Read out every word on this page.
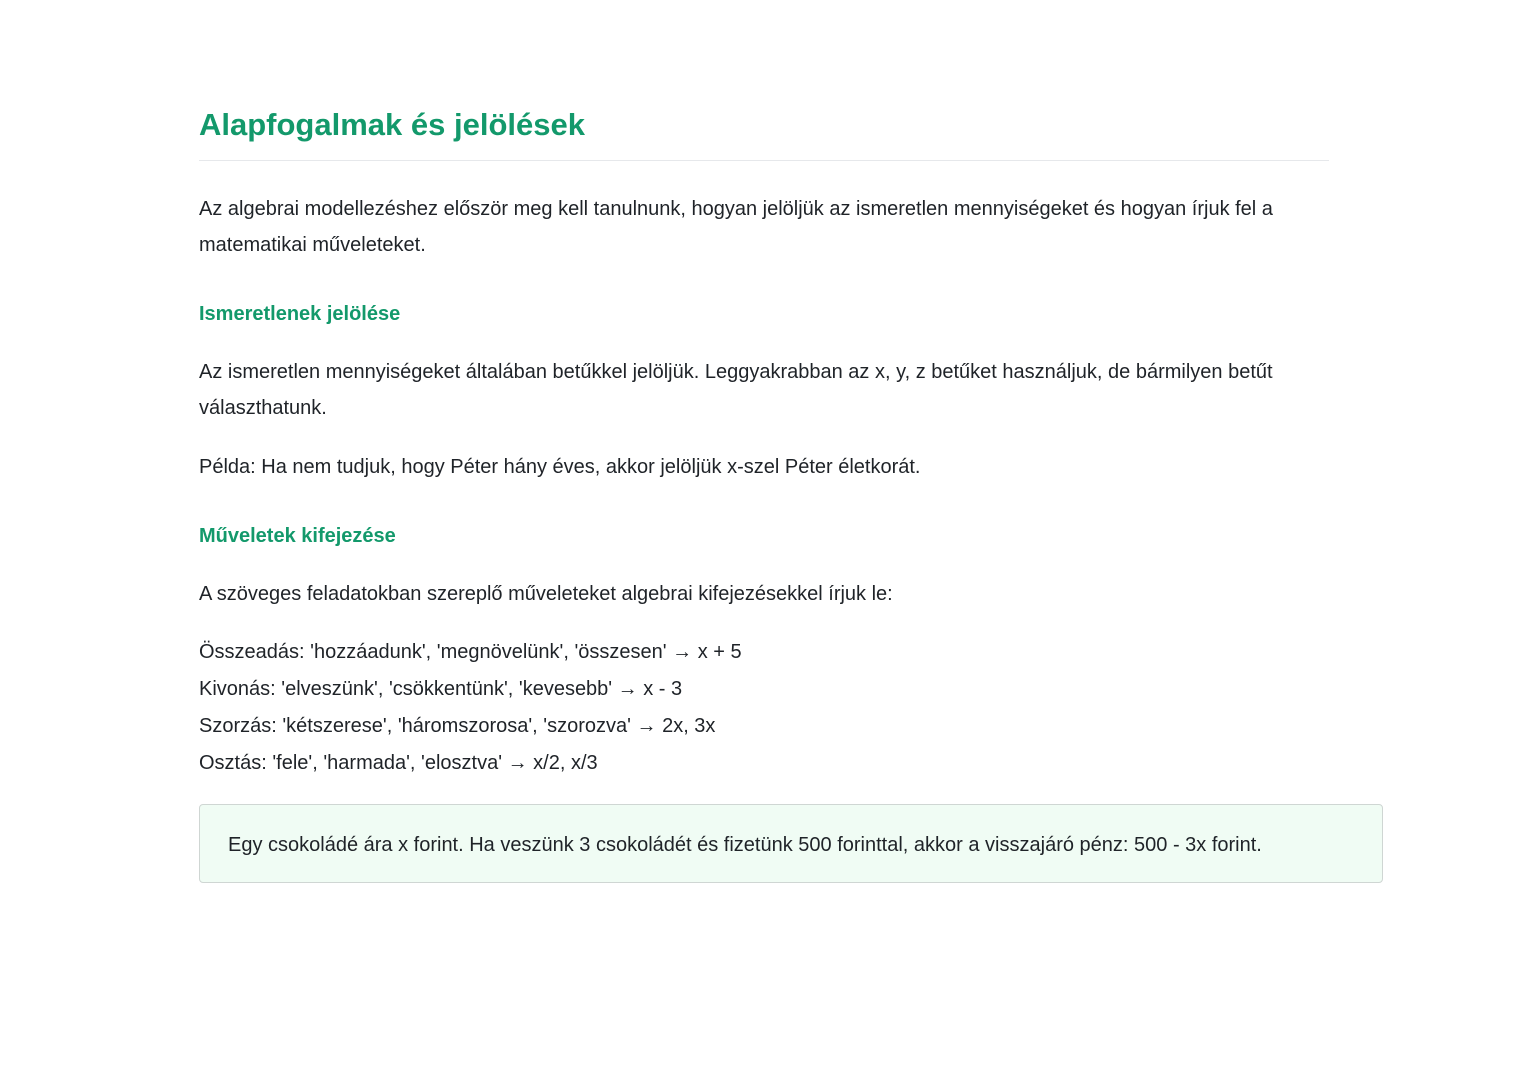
Alapfogalmak és jelölések

Az algebrai modellezéshez először meg kell tanulnunk, hogyan jelöljük az ismeretlen mennyiségeket és hogyan írjuk fel a matematikai műveleteket.

Ismeretlenek jelölése

Az ismeretlen mennyiségeket általában betűkkel jelöljük. Leggyakrabban az x, y, z betűket használjuk, de bármilyen betűt választhatunk.

Példa: Ha nem tudjuk, hogy Péter hány éves, akkor jelöljük x-szel Péter életkorát.

Műveletek kifejezése

A szöveges feladatokban szereplő műveleteket algebrai kifejezésekkel írjuk le:

Összeadás: 'hozzáadunk', 'megnövelünk', 'összesen' → x + 5
Kivonás: 'elveszünk', 'csökkentünk', 'kevesebb' → x - 3
Szorzás: 'kétszerese', 'háromszorosa', 'szorozva' → 2x, 3x
Osztás: 'fele', 'harmada', 'elosztva' → x/2, x/3

Egy csokoládé ára x forint. Ha veszünk 3 csokoládét és fizetünk 500 forinttal, akkor a visszajáró pénz: 500 - 3x forint.
